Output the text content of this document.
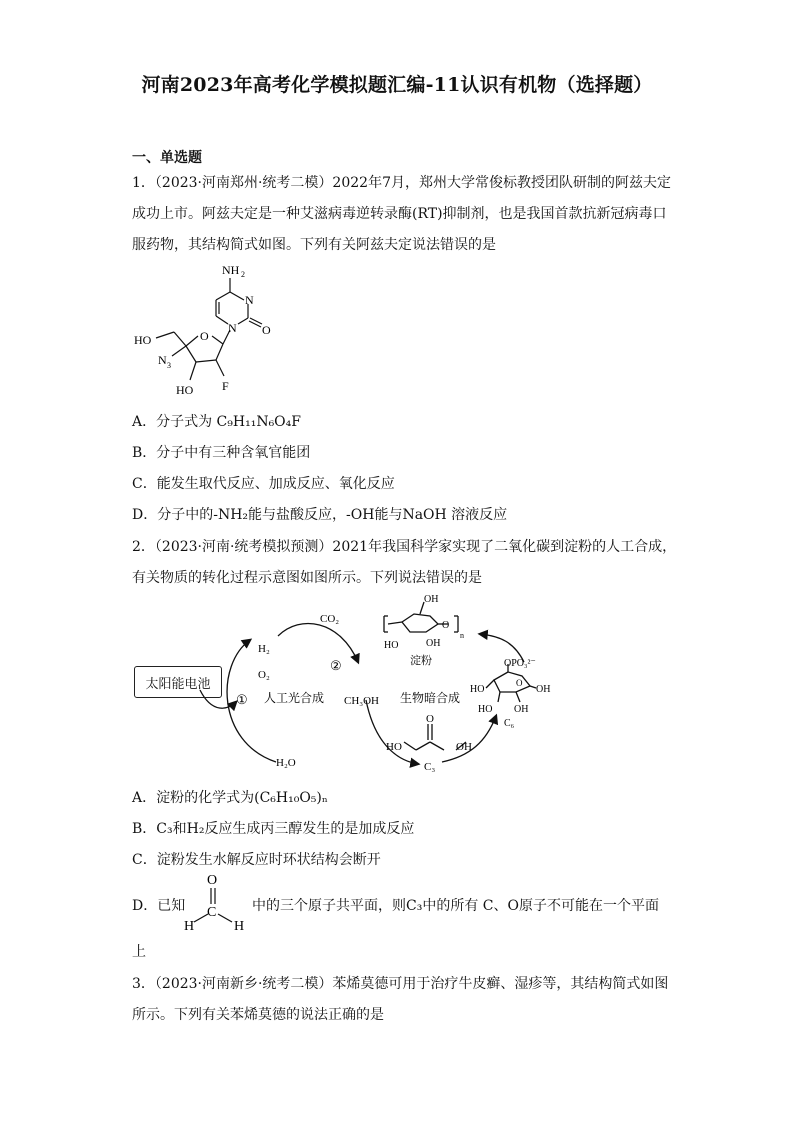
河南2023年高考化学模拟题汇编-11认识有机物（选择题）
一、单选题
1．（2023·河南郑州·统考二模）2022年7月，郑州大学常俊标教授团队研制的阿兹夫定
成功上市。阿兹夫定是一种艾滋病毒逆转录酶(RT)抑制剂，也是我国首款抗新冠病毒口
服药物，其结构简式如图。下列有关阿兹夫定说法错误的是
NH 2
N
N O
O
HO
N 3
HO F
A．分子式为 C₉H₁₁N₆O₄F
B．分子中有三种含氧官能团
C．能发生取代反应、加成反应、氧化反应
D．分子中的-NH₂能与盐酸反应，-OH能与NaOH 溶液反应
2．（2023·河南·统考模拟预测）2021年我国科学家实现了二氧化碳到淀粉的人工合成，
有关物质的转化过程示意图如图所示。下列说法错误的是
太阳能电池
H₂
O₂
CO₂
②
① 人工光合成 CH₃OH 生物暗合成
H₂O	C₃
O
HO	OH
OH
O
n
HO	OH
淀粉	OPO₃²⁻
HO	OH
HO OH
O
C₆
A．淀粉的化学式为(C₆H₁₀O₅)ₙ
B．C₃和H₂反应生成丙三醇发生的是加成反应
C．淀粉发生水解反应时环状结构会断开
D．已知
O
C
H	H
中的三个原子共平面，则C₃中的所有 C、O原子不可能在一个平面
上
3．（2023·河南新乡·统考二模）苯烯莫德可用于治疗牛皮癣、湿疹等，其结构简式如图
所示。下列有关苯烯莫德的说法正确的是
